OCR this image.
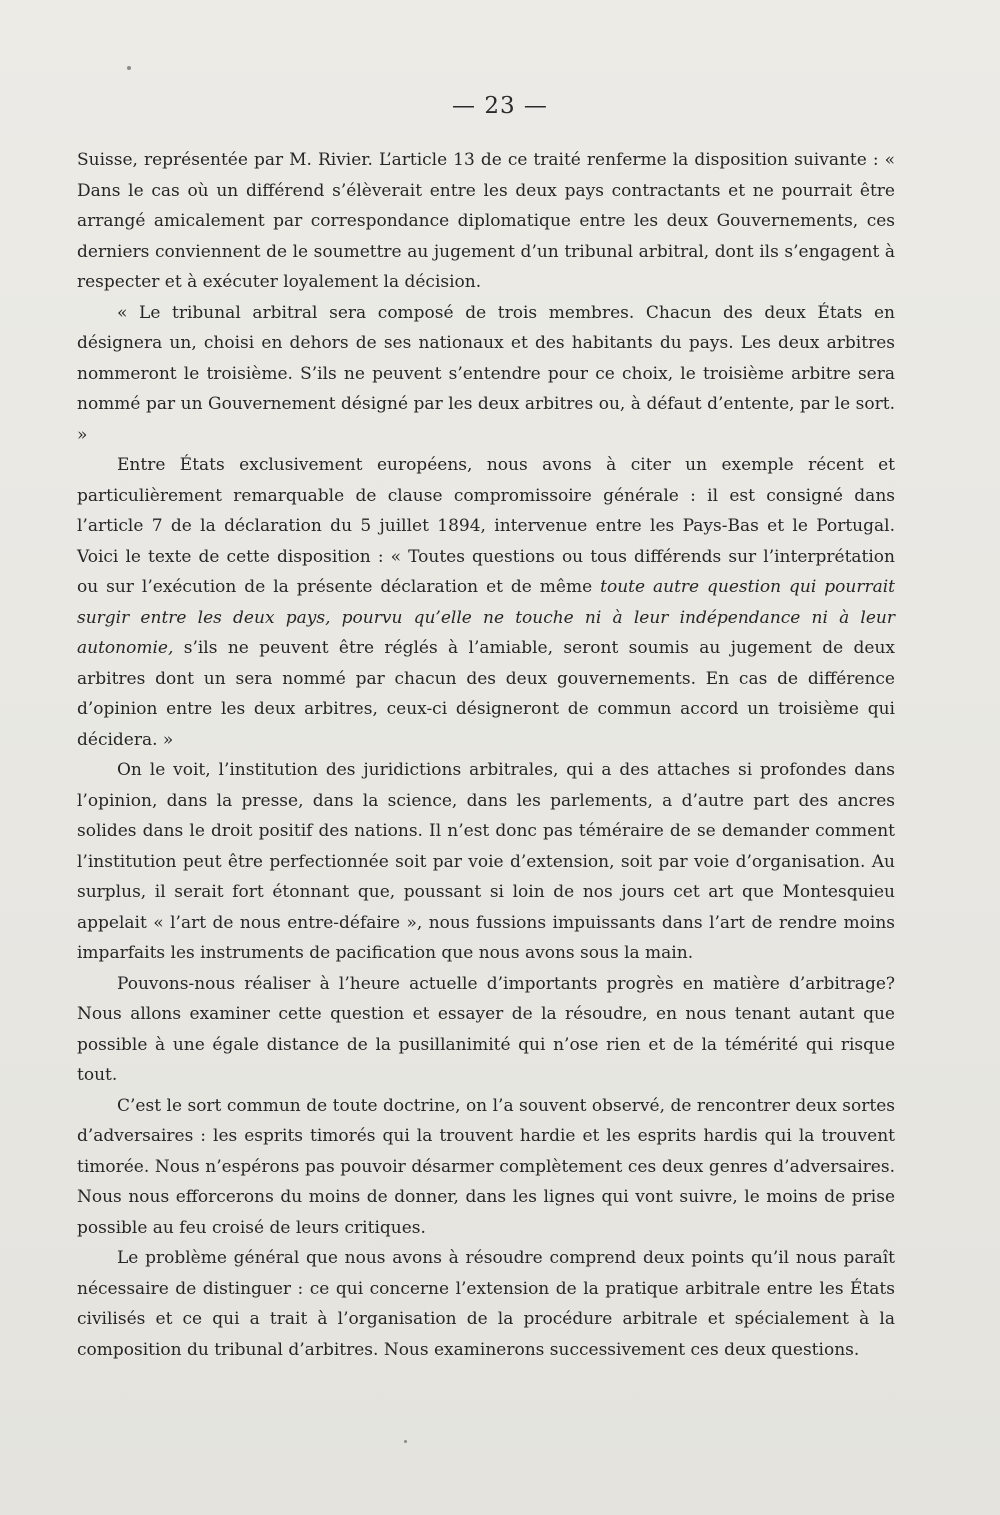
— 23 —

Suisse, représentée par M. Rivier. L’article 13 de ce traité renferme la disposition suivante : « Dans le cas où un différend s’élèverait entre les deux pays contractants et ne pourrait être arrangé amicalement par correspondance diplomatique entre les deux Gouvernements, ces derniers conviennent de le soumettre au jugement d’un tribunal arbitral, dont ils s’engagent à respecter et à exécuter loyalement la décision.

« Le tribunal arbitral sera composé de trois membres. Chacun des deux États en désignera un, choisi en dehors de ses nationaux et des habitants du pays. Les deux arbitres nommeront le troisième. S’ils ne peuvent s’entendre pour ce choix, le troisième arbitre sera nommé par un Gouvernement désigné par les deux arbitres ou, à défaut d’entente, par le sort. »

Entre États exclusivement européens, nous avons à citer un exemple récent et particulièrement remarquable de clause compromissoire générale : il est consigné dans l’article 7 de la déclaration du 5 juillet 1894, intervenue entre les Pays-Bas et le Portugal. Voici le texte de cette disposition : « Toutes questions ou tous différends sur l’interprétation ou sur l’exécution de la présente déclaration et de même toute autre question qui pourrait surgir entre les deux pays, pourvu qu’elle ne touche ni à leur indépendance ni à leur autonomie, s’ils ne peuvent être réglés à l’amiable, seront soumis au jugement de deux arbitres dont un sera nommé par chacun des deux gouvernements. En cas de différence d’opinion entre les deux arbitres, ceux-ci désigneront de commun accord un troisième qui décidera. »

On le voit, l’institution des juridictions arbitrales, qui a des attaches si profondes dans l’opinion, dans la presse, dans la science, dans les parlements, a d’autre part des ancres solides dans le droit positif des nations. Il n’est donc pas téméraire de se demander comment l’institution peut être perfectionnée soit par voie d’extension, soit par voie d’organisation. Au surplus, il serait fort étonnant que, poussant si loin de nos jours cet art que Montesquieu appelait « l’art de nous entre-défaire », nous fussions impuissants dans l’art de rendre moins imparfaits les instruments de pacification que nous avons sous la main.

Pouvons-nous réaliser à l’heure actuelle d’importants progrès en matière d’arbitrage? Nous allons examiner cette question et essayer de la résoudre, en nous tenant autant que possible à une égale distance de la pusillanimité qui n’ose rien et de la témérité qui risque tout.

C’est le sort commun de toute doctrine, on l’a souvent observé, de rencontrer deux sortes d’adversaires : les esprits timorés qui la trouvent hardie et les esprits hardis qui la trouvent timorée. Nous n’espérons pas pouvoir désarmer complètement ces deux genres d’adversaires. Nous nous efforcerons du moins de donner, dans les lignes qui vont suivre, le moins de prise possible au feu croisé de leurs critiques.

Le problème général que nous avons à résoudre comprend deux points qu’il nous paraît nécessaire de distinguer : ce qui concerne l’extension de la pratique arbitrale entre les États civilisés et ce qui a trait à l’organisation de la procédure arbitrale et spécialement à la composition du tribunal d’arbitres. Nous examinerons successivement ces deux questions.
